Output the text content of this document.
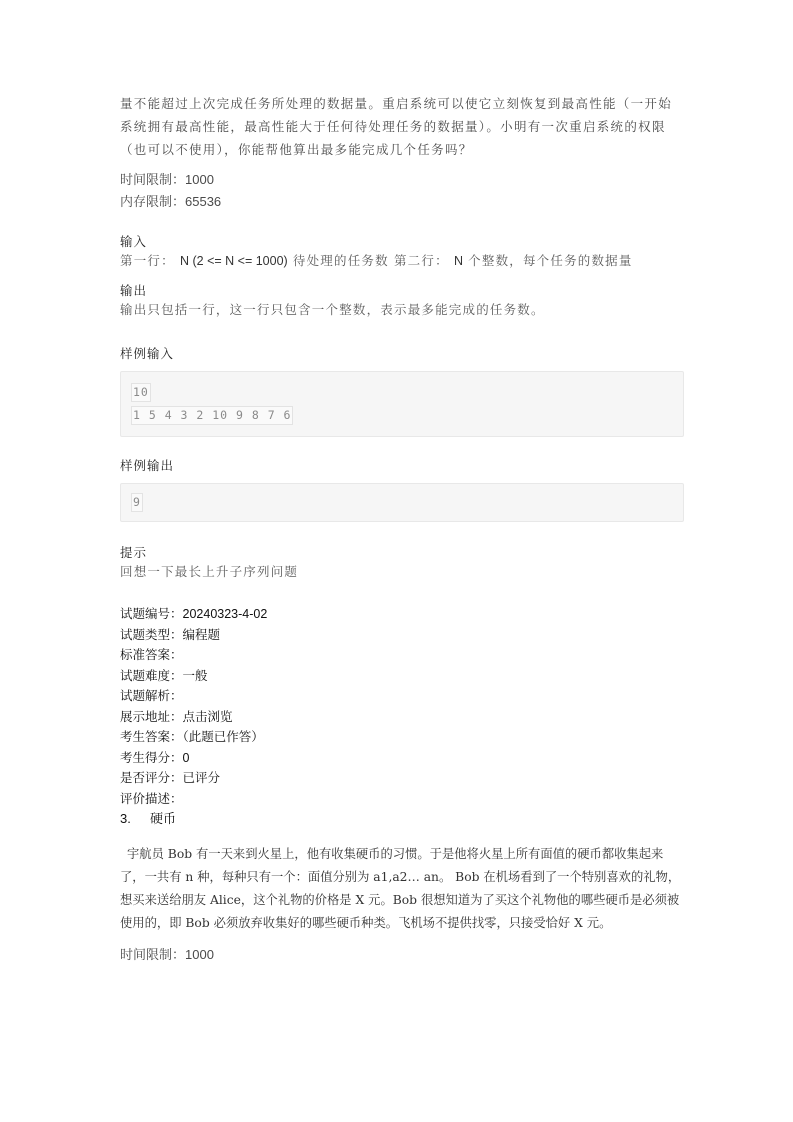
量不能超过上次完成任务所处理的数据量。重启系统可以使它立刻恢复到最高性能（一开始系统拥有最高性能，最高性能大于任何待处理任务的数据量）。小明有一次重启系统的权限（也可以不使用），你能帮他算出最多能完成几个任务吗？

时间限制：1000

内存限制：65536

输入

第一行： N (2 <= N <= 1000) 待处理的任务数 第二行： N 个整数，每个任务的数据量

输出

输出只包括一行，这一行只包含一个整数，表示最多能完成的任务数。

样例输入

10
1 5 4 3 2 10 9 8 7 6

样例输出

9

提示

回想一下最长上升子序列问题

试题编号：20240323-4-02

试题类型：编程题

标准答案：

试题难度：一般

试题解析：

展示地址：点击浏览

考生答案：（此题已作答）

考生得分：0

是否评分：已评分

评价描述：

3. 硬币

宇航员 Bob 有一天来到火星上，他有收集硬币的习惯。于是他将火星上所有面值的硬币都收集起来了，一共有 n 种，每种只有一个：面值分别为 a1,a2… an。 Bob 在机场看到了一个特别喜欢的礼物，想买来送给朋友 Alice，这个礼物的价格是 X 元。Bob 很想知道为了买这个礼物他的哪些硬币是必须被使用的，即 Bob 必须放弃收集好的哪些硬币种类。飞机场不提供找零，只接受恰好 X 元。

时间限制：1000
